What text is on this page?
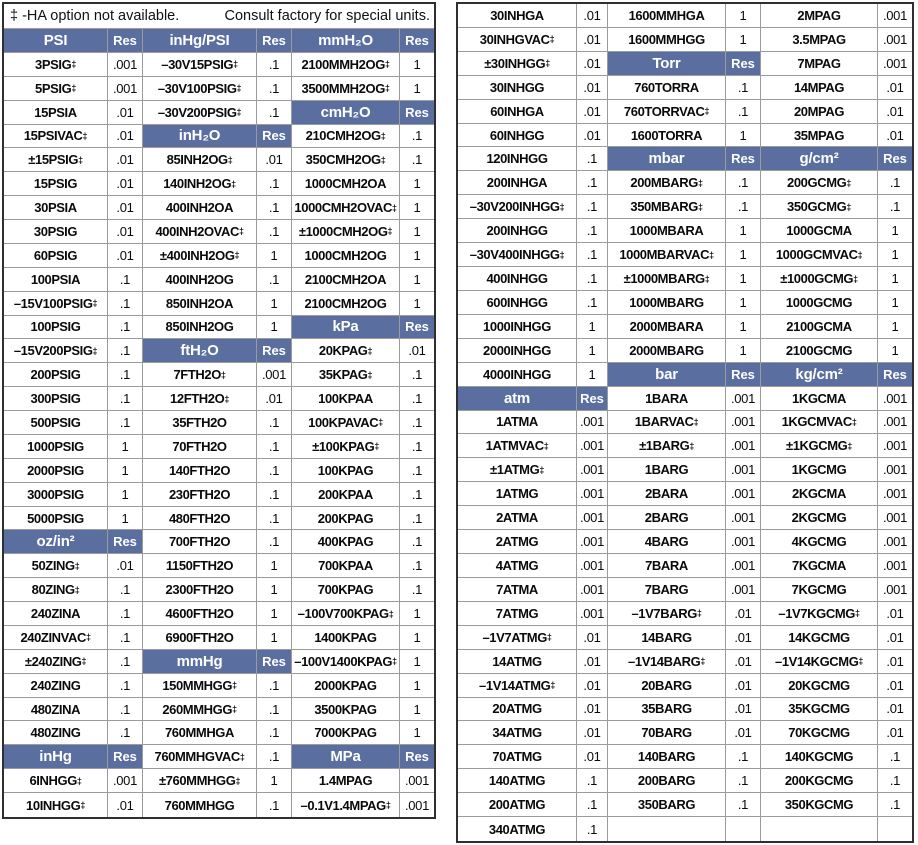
‡ -HA option not available.	Consult factory for special units.
PSI	Res
3PSIG ‡	.001
5PSIG ‡	.001
15PSIA	.01
15PSIVAC ‡	.01
±15PSIG ‡	.01
15PSIG	.01
30PSIA	.01
30PSIG	.01
60PSIG	.01
100PSIA	.1
–15V100PSIG ‡	.1
100PSIG	.1
–15V200PSIG ‡	.1
200PSIG	.1
300PSIG	.1
500PSIG	.1
1000PSIG	1
2000PSIG	1
3000PSIG	1
5000PSIG	1
oz/in²	Res
50ZING ‡	.01
80ZING ‡	.1
240ZINA	.1
240ZINVAC ‡	.1
±240ZING ‡	.1
240ZING	.1
480ZINA	.1
480ZING	.1
inHg	Res
6INHGG ‡	.001
10INHGG ‡	.01
inHg/PSI	Res
–30V15PSIG ‡	.1
–30V100PSIG ‡	.1
–30V200PSIG ‡	.1
inH₂O	Res
85INH2OG ‡	.01
140INH2OG ‡	.1
400INH2OA	.1
400INH2OVAC ‡	.1
±400INH2OG ‡	1
400INH2OG	.1
850INH2OA	1
850INH2OG	1
ftH₂O	Res
7FTH2O ‡	.001
12FTH2O ‡	.01
35FTH2O	.1
70FTH2O	.1
140FTH2O	.1
230FTH2O	.1
480FTH2O	.1
700FTH2O	.1
1150FTH2O	1
2300FTH2O	1
4600FTH2O	1
6900FTH2O	1
mmHg	Res
150MMHGG ‡	.1
260MMHGG ‡	.1
760MMHGA	.1
760MMHGVAC ‡	.1
±760MMHGG ‡	1
760MMHGG	.1
mmH₂O	Res
2100MMH2OG ‡	1
3500MMH2OG ‡	1
cmH₂O	Res
210CMH2OG ‡	.1
350CMH2OG ‡	.1
1000CMH2OA	1
1000CMH2OVAC ‡	1
±1000CMH2OG ‡	1
1000CMH2OG	1
2100CMH2OA	1
2100CMH2OG	1
kPa	Res
20KPAG ‡	.01
35KPAG ‡	.1
100KPAA	.1
100KPAVAC ‡	.1
±100KPAG ‡	.1
100KPAG	.1
200KPAA	.1
200KPAG	.1
400KPAG	.1
700KPAA	.1
700KPAG	.1
–100V700KPAG ‡	1
1400KPAG	1
–100V1400KPAG ‡	1
2000KPAG	1
3500KPAG	1
7000KPAG	1
MPa	Res
1.4MPAG	.001
–0.1V1.4MPAG ‡	.001
30INHGA	.01
30INHGVAC ‡	.01
±30INHGG ‡	.01
30INHGG	.01
60INHGA	.01
60INHGG	.01
120INHGG	.1
200INHGA	.1
–30V200INHGG ‡	.1
200INHGG	.1
–30V400INHGG ‡	.1
400INHGG	.1
600INHGG	.1
1000INHGG	1
2000INHGG	1
4000INHGG	1
atm	Res
1ATMA	.001
1ATMVAC ‡ .001
±1ATMG ‡	.001
1ATMG	.001
2ATMA	.001
2ATMG	.001
4ATMG	.001
7ATMA	.001
7ATMG	.001
–1V7ATMG ‡	.01
14ATMG	.01
–1V14ATMG ‡	.01
20ATMG	.01
34ATMG	.01
70ATMG	.01
140ATMG	.1
200ATMG	.1
340ATMG	.1
1600MMHGA	1
1600MMHGG	1
Torr	Res
760TORRA	.1
760TORRVAC ‡	.1
1600TORRA	1
mbar	Res
200MBARG ‡	.1
350MBARG ‡	.1
1000MBARA	1
1000MBARVAC ‡	1
±1000MBARG ‡	1
1000MBARG	1
2000MBARA	1
2000MBARG	1
bar	Res
1BARA	.001
1BARVAC ‡	.001
±1BARG ‡	.001
1BARG	.001
2BARA	.001
2BARG	.001
4BARG	.001
7BARA	.001
7BARG	.001
–1V7BARG ‡	.01
14BARG	.01
–1V14BARG ‡	.01
20BARG	.01
35BARG	.01
70BARG	.01
140BARG	.1
200BARG	.1
350BARG	.1
2MPAG	.001
3.5MPAG	.001
7MPAG	.001
14MPAG	.01
20MPAG	.01
35MPAG	.01
g/cm²	Res
200GCMG ‡	.1
350GCMG ‡	.1
1000GCMA	1
1000GCMVAC ‡	1
±1000GCMG ‡	1
1000GCMG	1
2100GCMA	1
2100GCMG	1
kg/cm²	Res
1KGCMA	.001
1KGCMVAC ‡	.001
±1KGCMG ‡	.001
1KGCMG	.001
2KGCMA	.001
2KGCMG	.001
4KGCMG	.001
7KGCMA	.001
7KGCMG	.001
–1V7KGCMG ‡	.01
14KGCMG	.01
–1V14KGCMG ‡	.01
20KGCMG	.01
35KGCMG	.01
70KGCMG	.01
140KGCMG	.1
200KGCMG	.1
350KGCMG	.1
